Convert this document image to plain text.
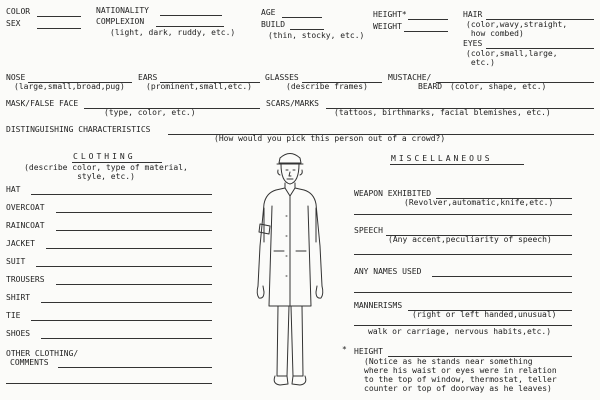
COLOR
SEX
NATIONALITY
COMPLEXION
(light, dark, ruddy, etc.)
AGE
BUILD
(thin, stocky, etc.)
HEIGHT*
WEIGHT
HAIR
(color,wavy,straight,
how combed)
EYES
(color,small,large,
etc.)
NOSE
(large,small,broad,pug)
EARS
(prominent,small,etc.)
GLASSES
(describe frames)
MUSTACHE/
BEARD (color, shape, etc.)
MASK/FALSE FACE
(type, color, etc.)
SCARS/MARKS
(tattoos, birthmarks, facial blemishes, etc.)
DISTINGUISHING CHARACTERISTICS
(How would you pick this person out of a crowd?)
CLOTHING
(describe color, type of material,
style, etc.)
HAT
OVERCOAT
RAINCOAT
JACKET
SUIT
TROUSERS
SHIRT
TIE
SHOES
OTHER CLOTHING/
COMMENTS
MISCELLANEOUS
WEAPON EXHIBITED
(Revolver,automatic,knife,etc.)
SPEECH
(Any accent,peculiarity of speech)
ANY NAMES USED
MANNERISMS
(right or left handed,unusual)
walk or carriage, nervous habits,etc.)
* HEIGHT
(Notice as he stands near something
where his waist or eyes were in relation
to the top of window, thermostat, teller
counter or top of doorway as he leaves)
